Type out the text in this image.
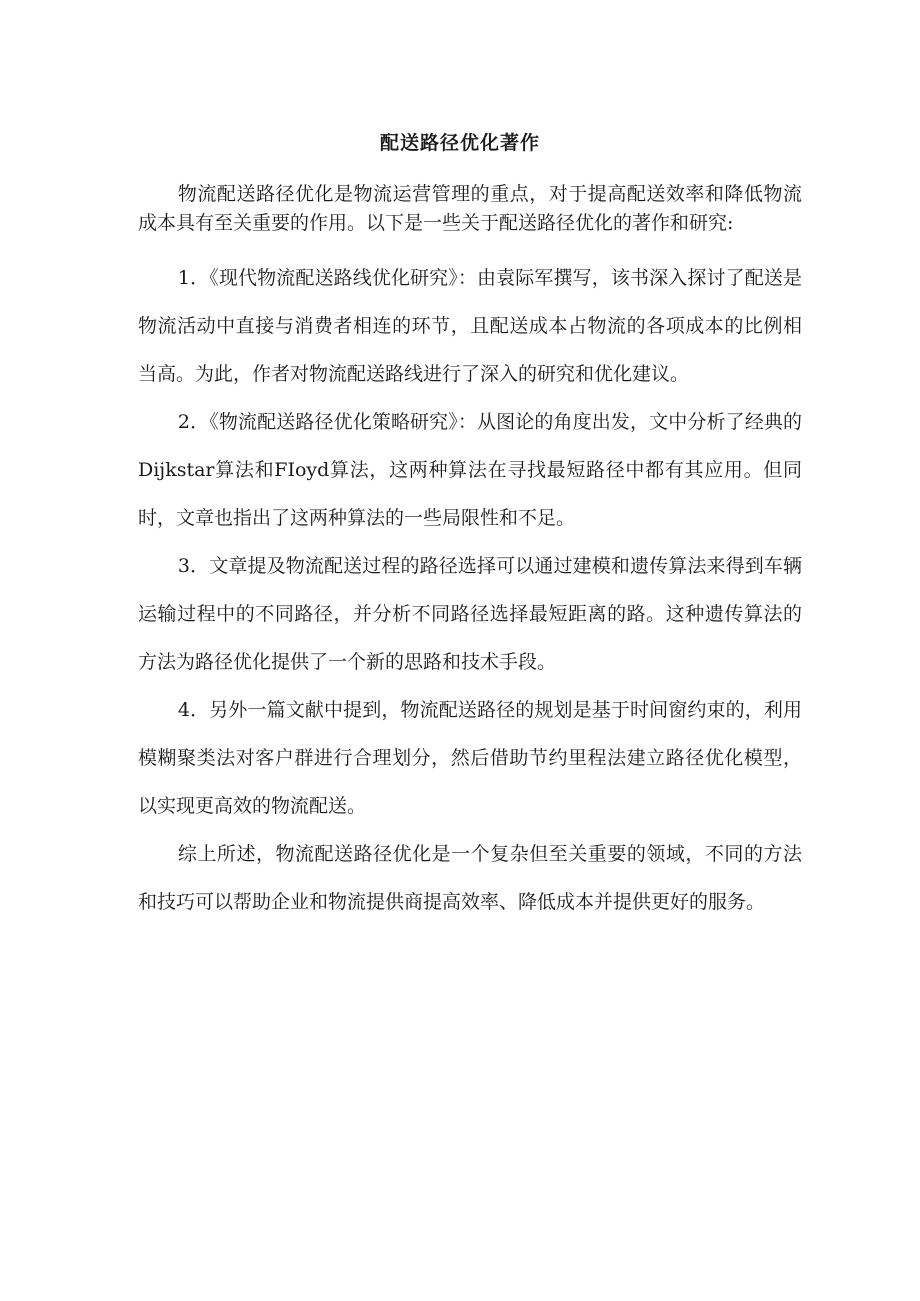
配送路径优化著作

物流配送路径优化是物流运营管理的重点，对于提高配送效率和降低物流成本具有至关重要的作用。以下是一些关于配送路径优化的著作和研究:

1．《现代物流配送路线优化研究》：由袁际军撰写，该书深入探讨了配送是物流活动中直接与消费者相连的环节，且配送成本占物流的各项成本的比例相当高。为此，作者对物流配送路线进行了深入的研究和优化建议。

2．《物流配送路径优化策略研究》：从图论的角度出发，文中分析了经典的Dijkstar算法和FIoyd算法，这两种算法在寻找最短路径中都有其应用。但同时，文章也指出了这两种算法的一些局限性和不足。

3．文章提及物流配送过程的路径选择可以通过建模和遗传算法来得到车辆运输过程中的不同路径，并分析不同路径选择最短距离的路。这种遗传算法的方法为路径优化提供了一个新的思路和技术手段。

4．另外一篇文献中提到，物流配送路径的规划是基于时间窗约束的，利用模糊聚类法对客户群进行合理划分，然后借助节约里程法建立路径优化模型，以实现更高效的物流配送。

综上所述，物流配送路径优化是一个复杂但至关重要的领域，不同的方法和技巧可以帮助企业和物流提供商提高效率、降低成本并提供更好的服务。
